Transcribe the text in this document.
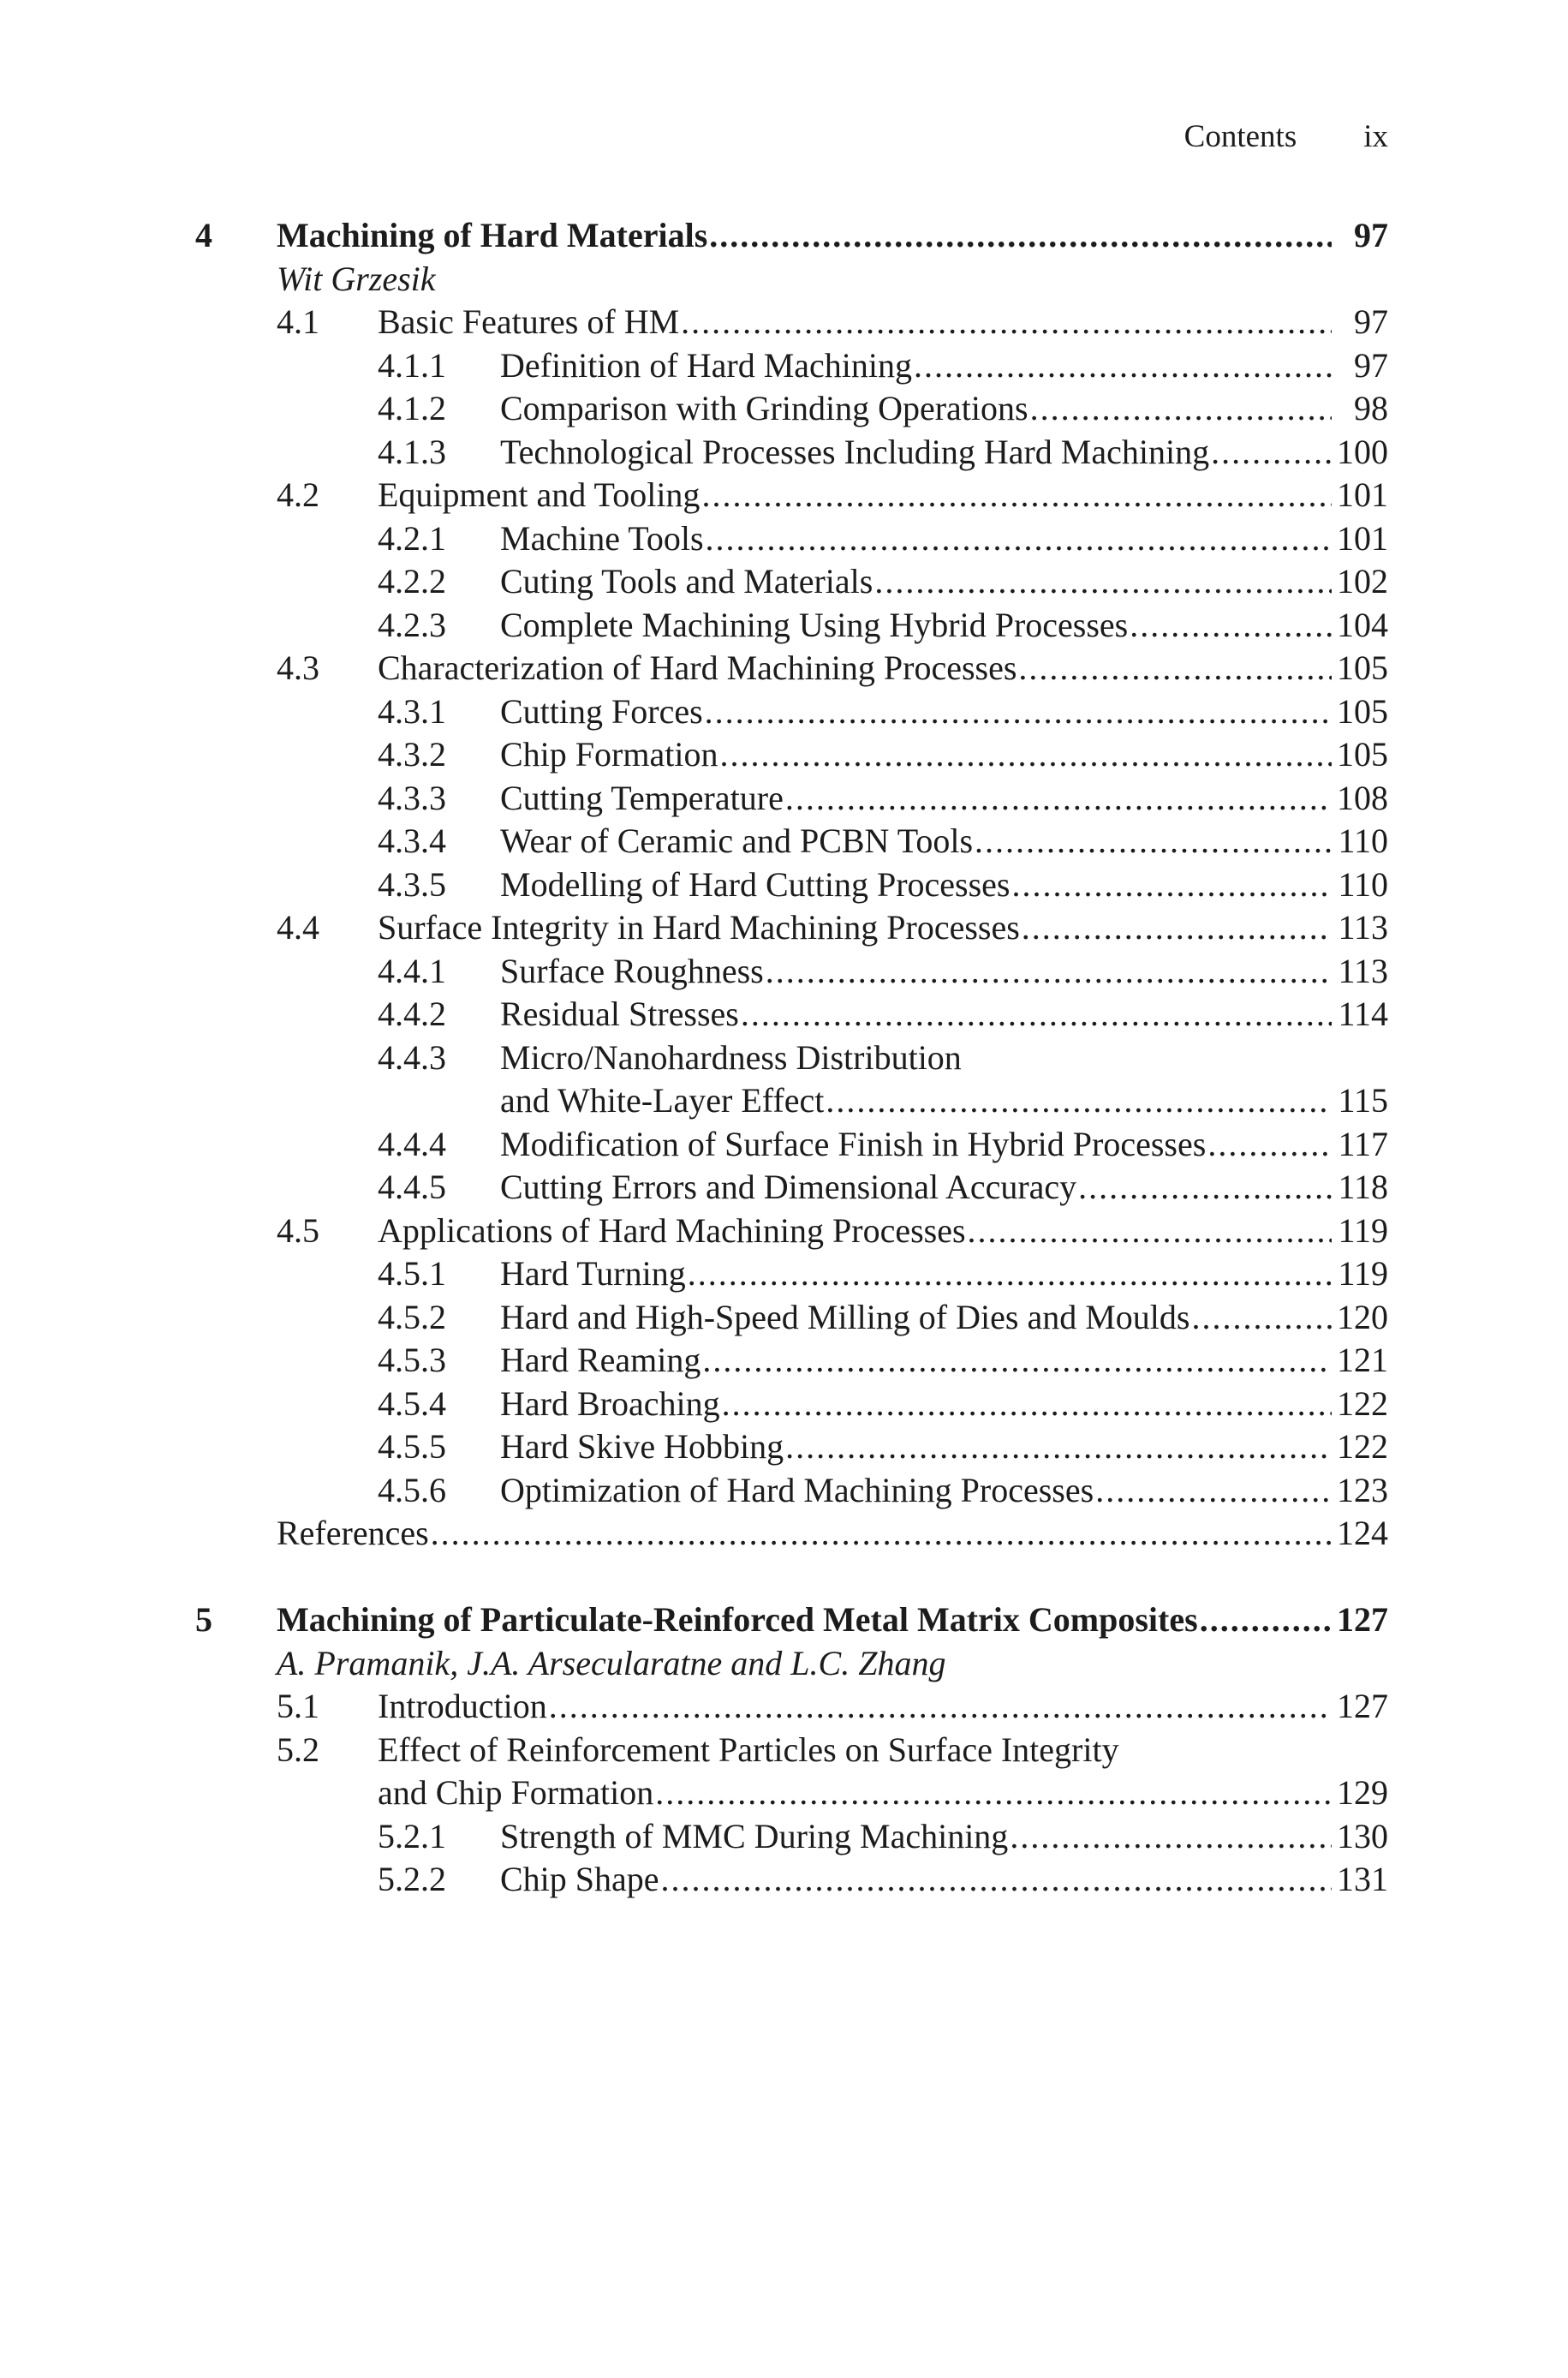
Contents ix
4 Machining of Hard Materials .....	97
Wit Grzesik
4.1 Basic Features of HM .....	97
4.1.1 Definition of Hard Machining .....	97
4.1.2 Comparison with Grinding Operations .....	98
4.1.3 Technological Processes Including Hard Machining .....	100
4.2 Equipment and Tooling .....	101
4.2.1 Machine Tools .....	101
4.2.2 Cuting Tools and Materials .....	102
4.2.3 Complete Machining Using Hybrid Processes .....	104
4.3 Characterization of Hard Machining Processes .....	105
4.3.1 Cutting Forces .....	105
4.3.2 Chip Formation .....	105
4.3.3 Cutting Temperature .....	108
4.3.4 Wear of Ceramic and PCBN Tools .....	110
4.3.5 Modelling of Hard Cutting Processes .....	110
4.4 Surface Integrity in Hard Machining Processes .....	113
4.4.1 Surface Roughness .....	113
4.4.2 Residual Stresses .....	114
4.4.3 Micro/Nanohardness Distribution
and White-Layer Effect .....	115
4.4.4 Modification of Surface Finish in Hybrid Processes .....	117
4.4.5 Cutting Errors and Dimensional Accuracy .....	118
4.5 Applications of Hard Machining Processes .....	119
4.5.1 Hard Turning .....	119
4.5.2 Hard and High-Speed Milling of Dies and Moulds .....	120
4.5.3 Hard Reaming .....	121
4.5.4 Hard Broaching .....	122
4.5.5 Hard Skive Hobbing .....	122
4.5.6 Optimization of Hard Machining Processes .....	123
References .....	124
5 Machining of Particulate-Reinforced Metal Matrix Composites .....	127
A. Pramanik, J.A. Arsecularatne and L.C. Zhang
5.1 Introduction .....	127
5.2 Effect of Reinforcement Particles on Surface Integrity
and Chip Formation .....	129
5.2.1 Strength of MMC During Machining .....	130
5.2.2 Chip Shape .....	131
